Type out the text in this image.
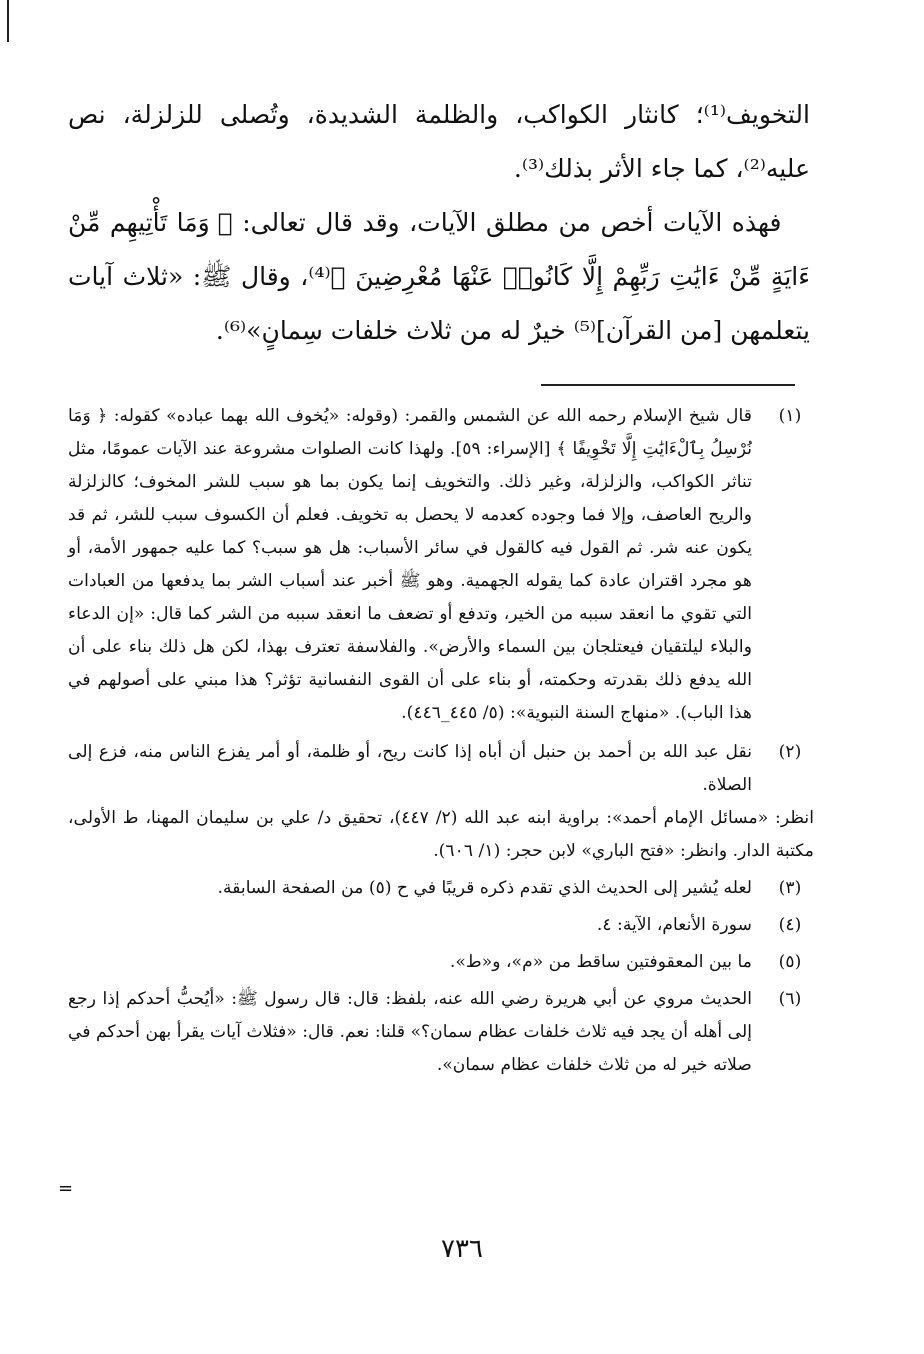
التخويف⁽¹⁾؛ كانثار الكواكب، والظلمة الشديدة، وتُصلى للزلزلة، نص عليه⁽²⁾، كما جاء الأثر بذلك⁽³⁾.

فهذه الآيات أخص من مطلق الآيات، وقد قال تعالى: ﴿ وَمَا تَأْتِيهِم مِّنْ ءَايَةٍ مِّنْ ءَايَٰتِ رَبِّهِمْ إِلَّا كَانُوا۟ عَنْهَا مُعْرِضِينَ ﴾⁽⁴⁾، وقال ﷺ: «ثلاث آيات يتعلمهن [من القرآن]⁽⁵⁾ خيرٌ له من ثلاث خلفات سِمانٍ»⁽⁶⁾.

(١)

قال شيخ الإسلام رحمه الله عن الشمس والقمر: (وقوله: «يُخوف الله بهما عباده» كقوله: ﴿ وَمَا نُرْسِلُ بِٱلْءَايَٰتِ إِلَّا تَخْوِيفًا ﴾ [الإسراء: ٥٩]. ولهذا كانت الصلوات مشروعة عند الآيات عمومًا، مثل تناثر الكواكب، والزلزلة، وغير ذلك. والتخويف إنما يكون بما هو سبب للشر المخوف؛ كالزلزلة والريح العاصف، وإلا فما وجوده كعدمه لا يحصل به تخويف. فعلم أن الكسوف سبب للشر، ثم قد يكون عنه شر. ثم القول فيه كالقول في سائر الأسباب: هل هو سبب؟ كما عليه جمهور الأمة، أو هو مجرد اقتران عادة كما يقوله الجهمية. وهو ﷺ أخبر عند أسباب الشر بما يدفعها من العبادات التي تقوي ما انعقد سببه من الخير، وتدفع أو تضعف ما انعقد سببه من الشر كما قال: «إن الدعاء والبلاء ليلتقيان فيعتلجان بين السماء والأرض». والفلاسفة تعترف بهذا، لكن هل ذلك بناء على أن الله يدفع ذلك بقدرته وحكمته، أو بناء على أن القوى النفسانية تؤثر؟ هذا مبني على أصولهم في هذا الباب). «منهاج السنة النبوية»: (٥/ ٤٤٥_٤٤٦).

(٢)

نقل عبد الله بن أحمد بن حنبل أن أباه إذا كانت ريح، أو ظلمة، أو أمر يفزع الناس منه، فزع إلى الصلاة.

انظر: «مسائل الإمام أحمد»: براوية ابنه عبد الله (٢/ ٤٤٧)، تحقيق د/ علي بن سليمان المهنا، ط الأولى، مكتبة الدار. وانظر: «فتح الباري» لابن حجر: (١/ ٦٠٦).

(٣)

لعله يُشير إلى الحديث الذي تقدم ذكره قريبًا في ح (٥) من الصفحة السابقة.

(٤)

سورة الأنعام، الآية: ٤.

(٥)

ما بين المعقوفتين ساقط من «م»، و«ط».

(٦)

الحديث مروي عن أبي هريرة رضي الله عنه، بلفظ: قال: قال رسول ﷺ: «أيُحبُّ أحدكم إذا رجع إلى أهله أن يجد فيه ثلاث خلفات عظام سمان؟» قلنا: نعم. قال: «فثلاث آيات يقرأ بهن أحدكم في صلاته خير له من ثلاث خلفات عظام سمان».

=
٧٣٦
